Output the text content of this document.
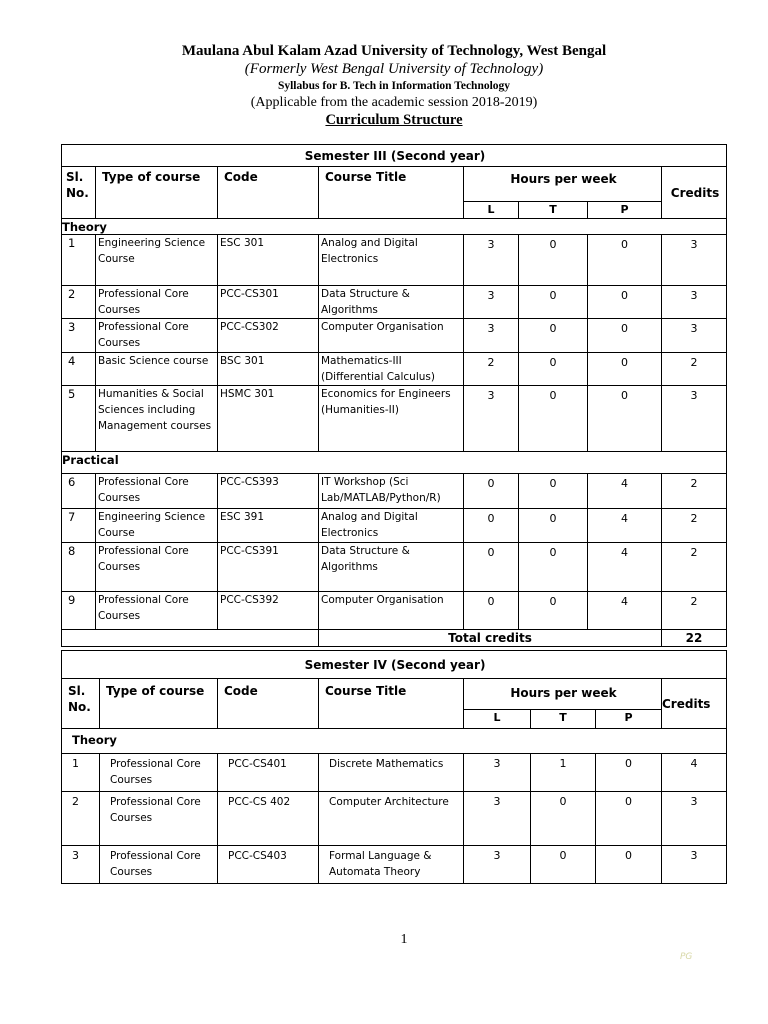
Maulana Abul Kalam Azad University of Technology, West Bengal
(Formerly West Bengal University of Technology)
Syllabus for B. Tech in Information Technology
(Applicable from the academic session 2018-2019)
Curriculum Structure
Semester III (Second year)							
Sl. No.	Type of course	Code	Course Title	Hours per week			Credits
				L	T	P	
Theory							
1	Engineering Science Course	ESC 301	Analog and Digital Electronics	3	0	0	3
2	Professional Core Courses	PCC-CS301	Data Structure & Algorithms	3	0	0	3
3	Professional Core Courses	PCC-CS302	Computer Organisation	3	0	0	3
4	Basic Science course	BSC 301	Mathematics-III (Differential Calculus)	2	0	0	2
5	Humanities & Social Sciences including Management courses	HSMC 301	Economics for Engineers (Humanities-II)	3	0	0	3
Practical							
6	Professional Core Courses	PCC-CS393	IT Workshop (Sci Lab/MATLAB/Python/R)	0	0	4	2
7	Engineering Science Course	ESC 391	Analog and Digital Electronics	0	0	4	2
8	Professional Core Courses	PCC-CS391	Data Structure & Algorithms	0	0	4	2
9	Professional Core Courses	PCC-CS392	Computer Organisation	0	0	4	2
			Total credits				22
Semester IV (Second year)							
Sl. No.	Type of course	Code	Course Title	Hours per week			Credits
				L	T	P	
Theory							
1	Professional Core Courses	PCC-CS401	Discrete Mathematics	3	1	0	4
2	Professional Core Courses	PCC-CS 402	Computer Architecture	3	0	0	3
3	Professional Core Courses	PCC-CS403	Formal Language & Automata Theory	3	0	0	3
1
PG
